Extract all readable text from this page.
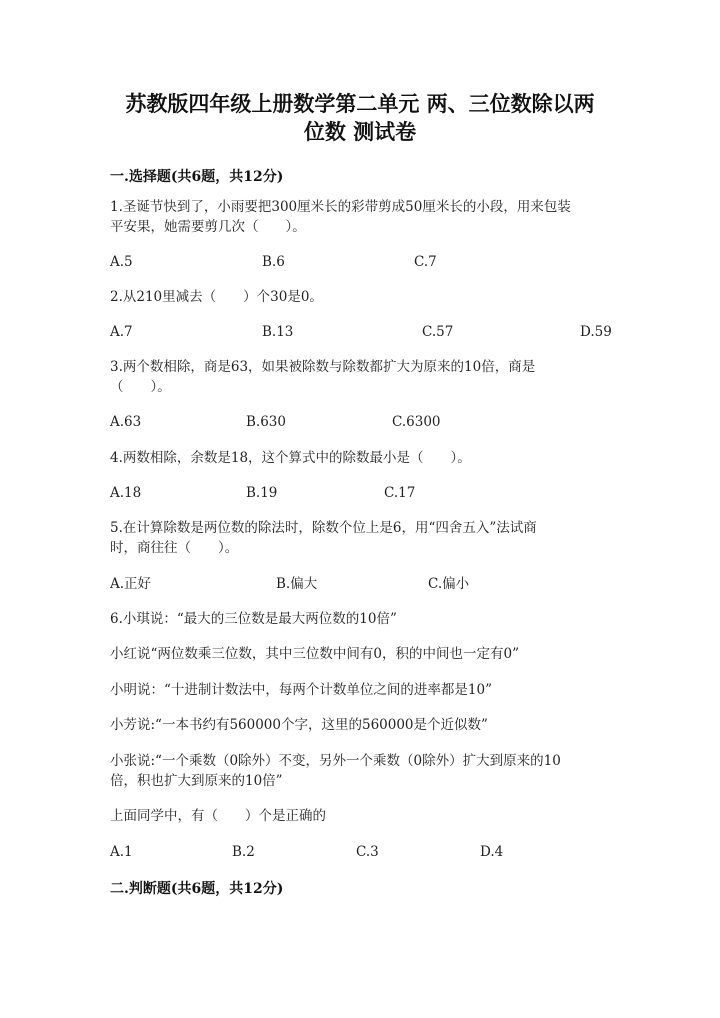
苏教版四年级上册数学第二单元 两、三位数除以两
位数 测试卷
一.选择题(共6题，共12分)
1.圣诞节快到了，小雨要把300厘米长的彩带剪成50厘米长的小段，用来包装
平安果，她需要剪几次（　　）。
A.5	B.6	C.7
2.从210里减去（　　）个30是0。
A.7	B.13	C.57	D.59
3.两个数相除，商是63，如果被除数与除数都扩大为原来的10倍，商是
（　　）。
A.63	B.630	C.6300
4.两数相除，余数是18，这个算式中的除数最小是（　　）。
A.18	B.19	C.17
5.在计算除数是两位数的除法时，除数个位上是6，用“四舍五入”法试商
时，商往往（　　）。
A.正好	B.偏大	C.偏小
6.小琪说：“最大的三位数是最大两位数的10倍”
小红说“两位数乘三位数，其中三位数中间有0，积的中间也一定有0”
小明说：“十进制计数法中，每两个计数单位之间的进率都是10”
小芳说:“一本书约有560000个字，这里的560000是个近似数”
小张说:“一个乘数（0除外）不变，另外一个乘数（0除外）扩大到原来的10
倍，积也扩大到原来的10倍”
上面同学中，有（　　）个是正确的
A.1	B.2	C.3	D.4
二.判断题(共6题，共12分)
